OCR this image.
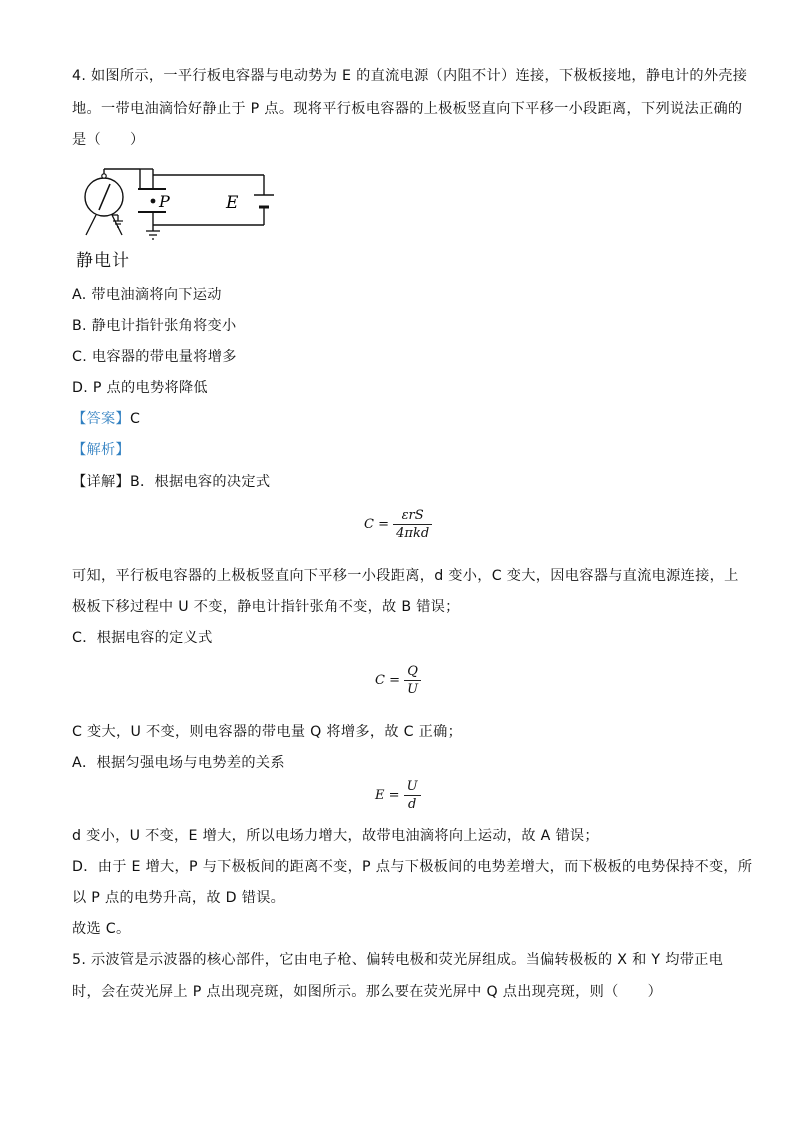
4. 如图所示，一平行板电容器与电动势为 E 的直流电源（内阻不计）连接，下极板接地，静电计的外壳接
地。一带电油滴恰好静止于 P 点。现将平行板电容器的上极板竖直向下平移一小段距离，下列说法正确的
是（　　）
P	E
静电计
A. 带电油滴将向下运动
B. 静电计指针张角将变小
C. 电容器的带电量将增多
D. P 点的电势将降低
【答案】C
【解析】
【详解】B．根据电容的决定式
$C = \frac{\text{εrS}}{\text{4πkd}}$
可知，平行板电容器的上极板竖直向下平移一小段距离，d 变小，C 变大，因电容器与直流电源连接，上
极板下移过程中 U 不变，静电计指针张角不变，故 B 错误；
C．根据电容的定义式
$C = \frac{Q}{U}$
C 变大，U 不变，则电容器的带电量 Q 将增多，故 C 正确；
A．根据匀强电场与电势差的关系
$E = \frac{U}{d}$
d 变小，U 不变，E 增大，所以电场力增大，故带电油滴将向上运动，故 A 错误；
D．由于 E 增大，P 与下极板间的距离不变，P 点与下极板间的电势差增大，而下极板的电势保持不变，所
以 P 点的电势升高，故 D 错误。
故选 C。
5. 示波管是示波器的核心部件，它由电子枪、偏转电极和荧光屏组成。当偏转极板的 X 和 Y 均带正电
时，会在荧光屏上 P 点出现亮斑，如图所示。那么要在荧光屏中 Q 点出现亮斑，则（　　）
